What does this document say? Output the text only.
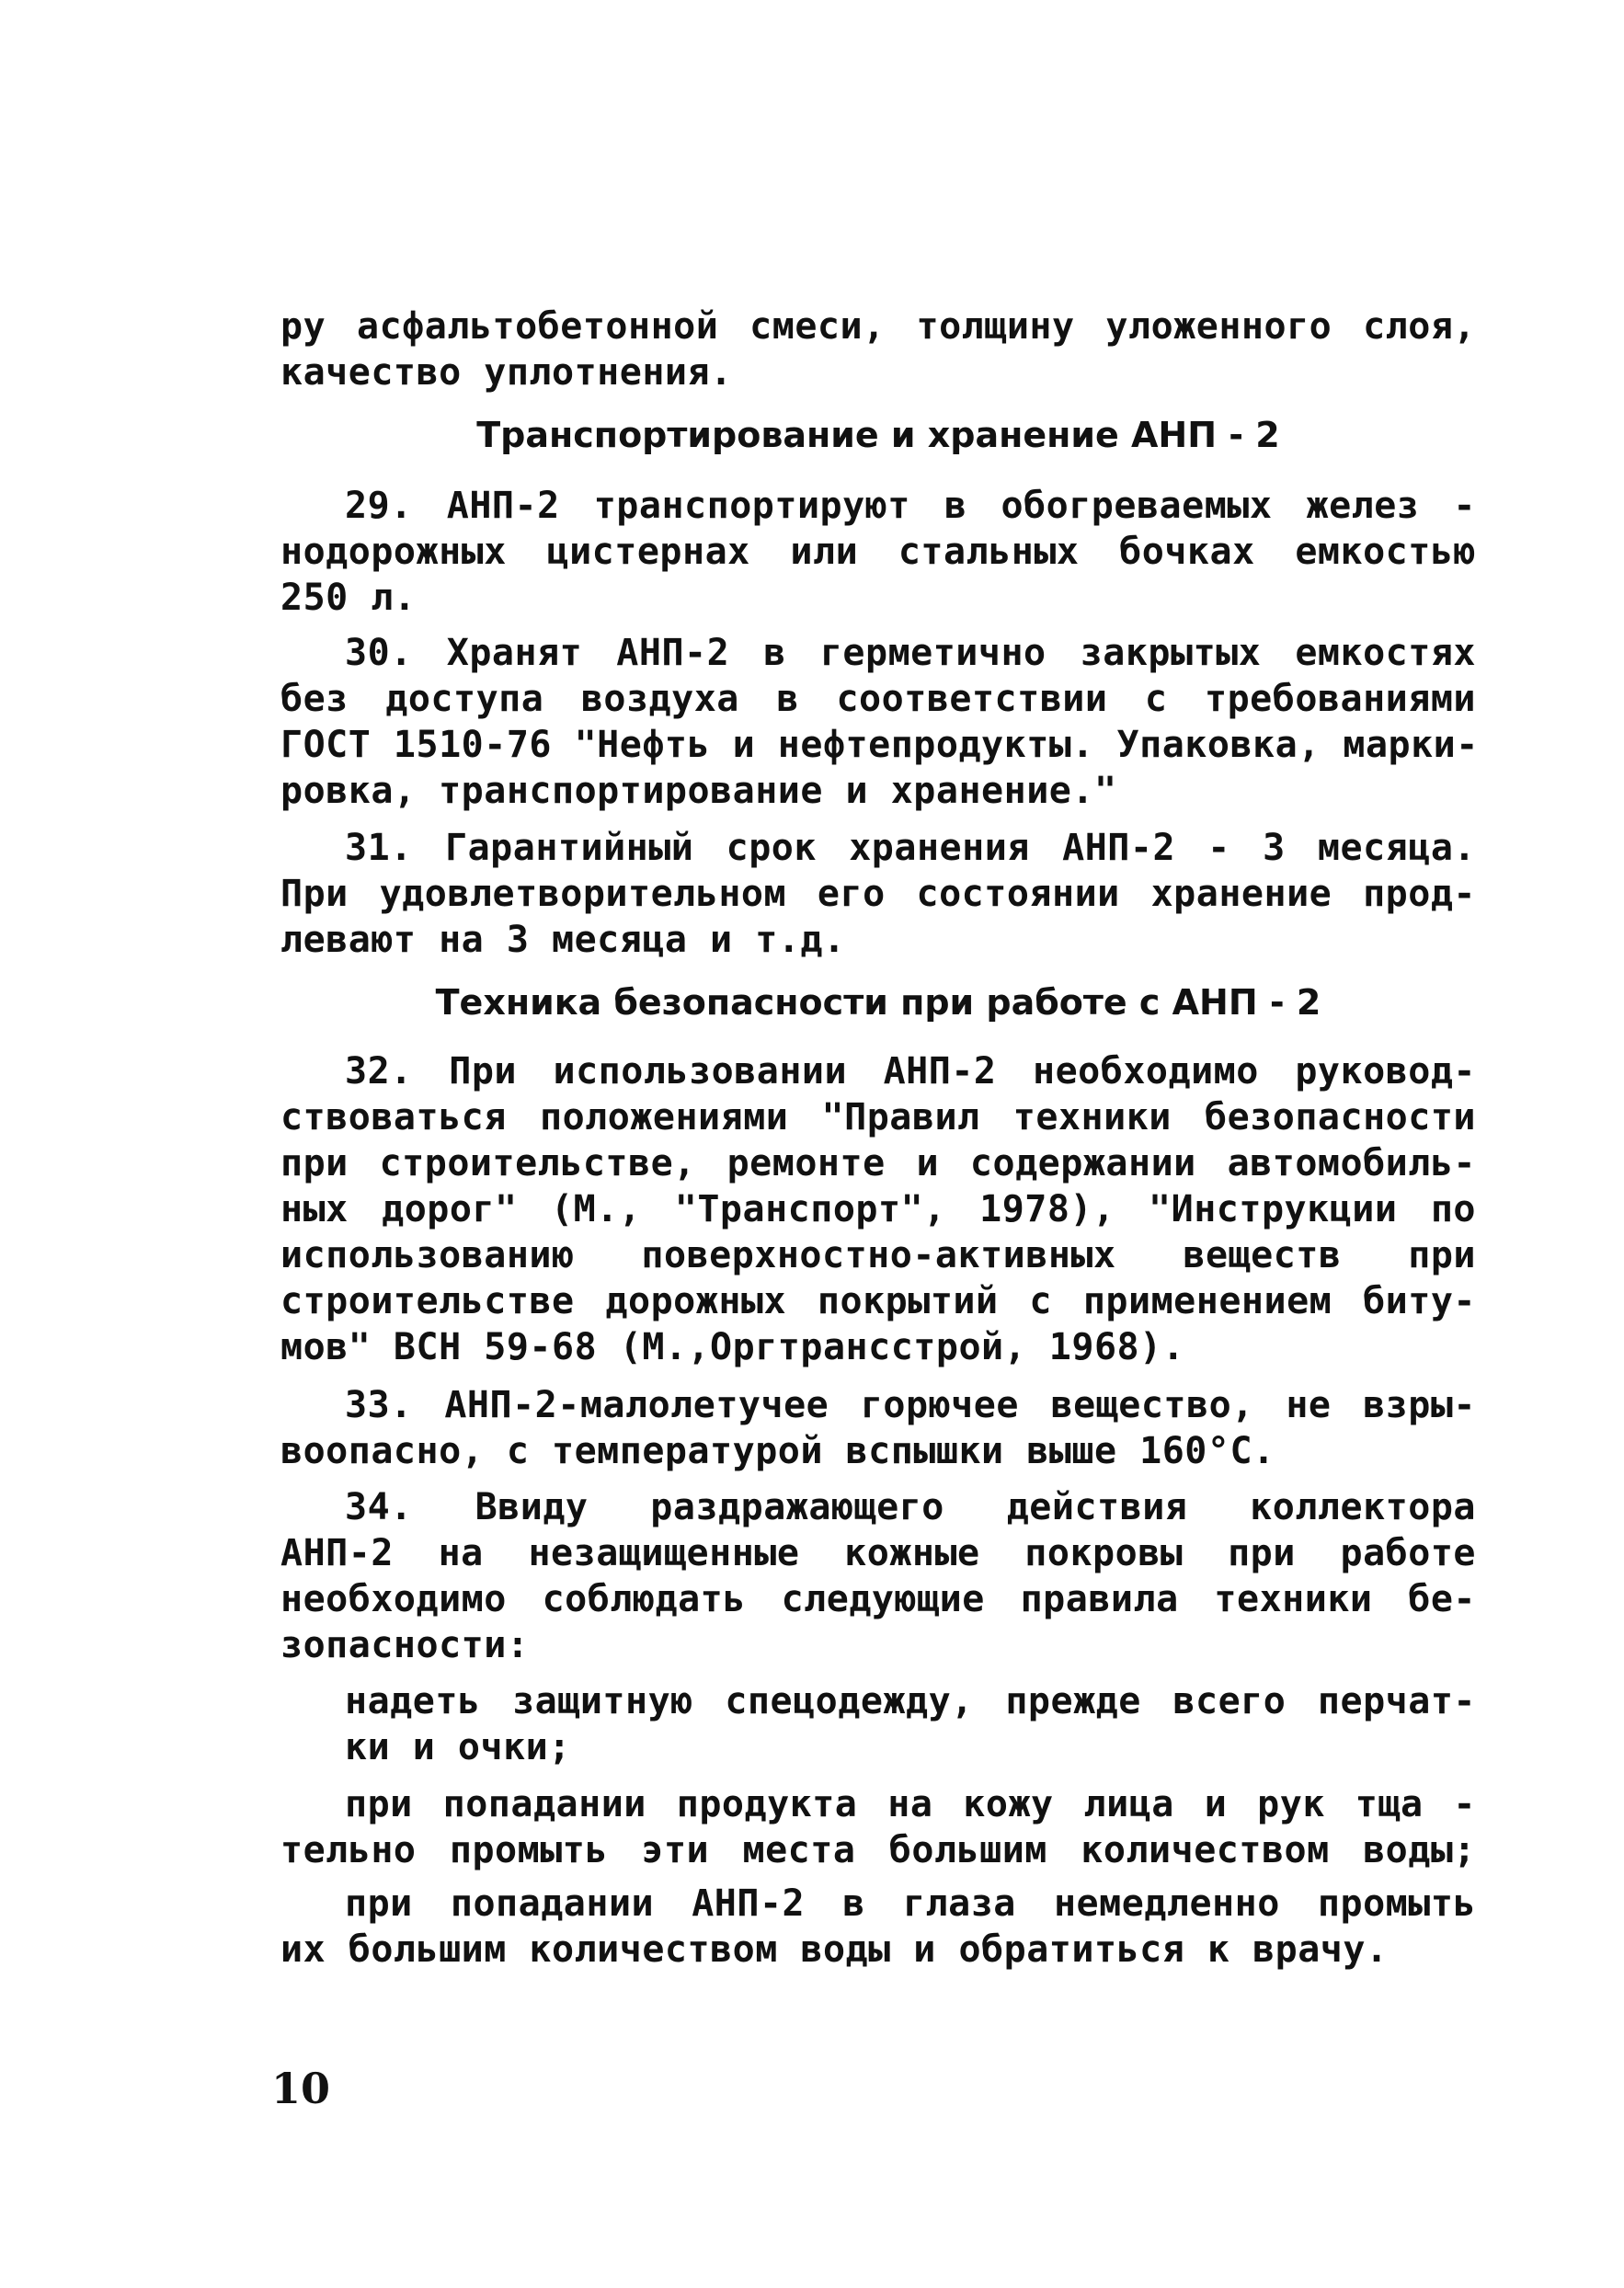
ру асфальтобетонной смеси, толщину уложенного слоя,
качество уплотнения.
Транспортирование и хранение АНП - 2
29. АНП-2 транспортируют в обогреваемых желез -
нодорожных цистернах или стальных бочках емкостью
250 л.
30. Хранят АНП-2 в герметично закрытых емкостях
без доступа воздуха в соответствии с требованиями
ГОСТ 1510-76 "Нефть и нефтепродукты. Упаковка, марки-
ровка, транспортирование и хранение."
31. Гарантийный срок хранения АНП-2 - 3 месяца.
При удовлетворительном его состоянии хранение прод-
левают на 3 месяца и т.д.
Техника безопасности при работе с АНП - 2
32. При использовании АНП-2 необходимо руковод-
ствоваться положениями "Правил техники безопасности
при строительстве, ремонте и содержании автомобиль-
ных дорог" (М., "Транспорт", 1978), "Инструкции по
использованию поверхностно-активных веществ при
строительстве дорожных покрытий с применением биту-
мов" ВСН 59-68 (М.,Оргтрансстрой, 1968).
33. АНП-2-малолетучее горючее вещество, не взры-
воопасно, с температурой вспышки выше 160°С.
34. Ввиду раздражающего действия коллектора
АНП-2 на незащищенные кожные покровы при работе
необходимо соблюдать следующие правила техники бе-
зопасности:
надеть защитную спецодежду, прежде всего перчат-
ки и очки;
при попадании продукта на кожу лица и рук тща -
тельно промыть эти места большим количеством воды;
при попадании АНП-2 в глаза немедленно промыть
их большим количеством воды и обратиться к врачу.
10
